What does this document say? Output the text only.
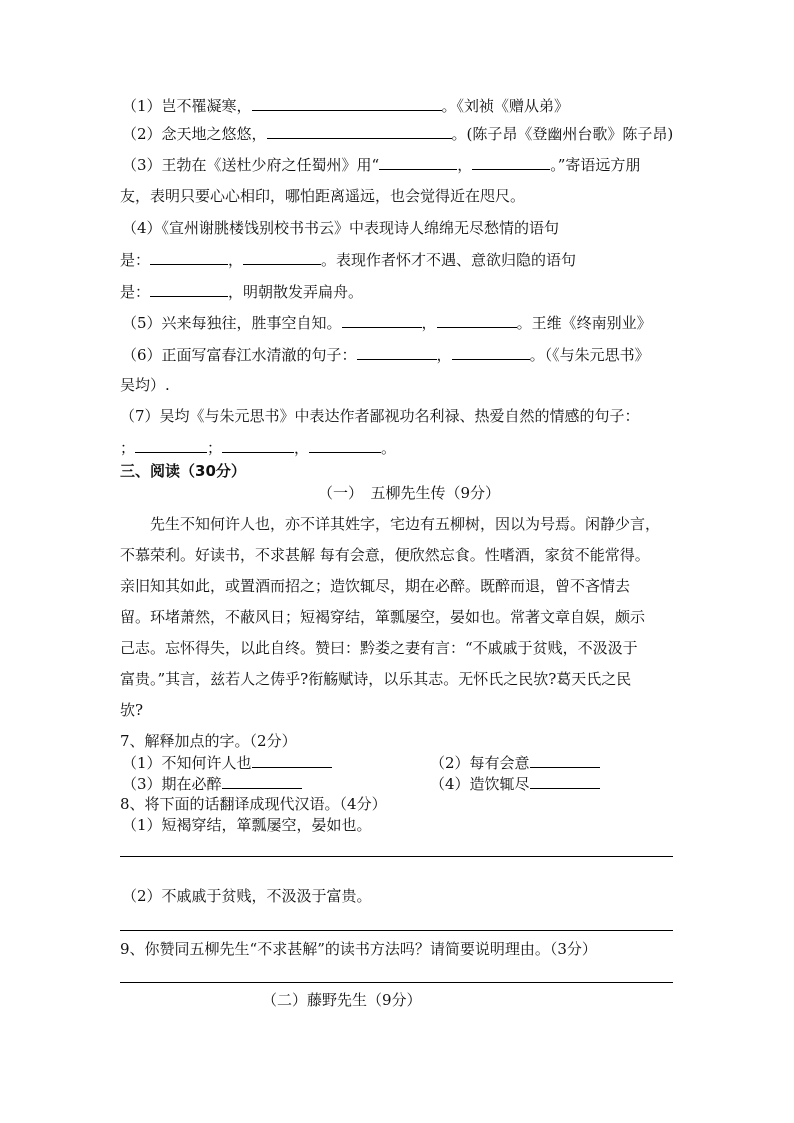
（1）岂不罹凝寒，	。《刘祯《赠从弟》
（2）念天地之悠悠，	。(陈子昂《登幽州台歌》陈子昂)
（3）王勃在《送杜少府之任蜀州》用“	，	。”寄语远方朋
友，表明只要心心相印，哪怕距离遥远，也会觉得近在咫尺。
（4）《宣州谢朓楼饯别校书书云》中表现诗人绵绵无尽愁情的语句
是：	，	。表现作者怀才不遇、意欲归隐的语句
是：	，明朝散发弄扁舟。
（5）兴来每独往，胜事空自知。	，	。王维《终南别业》
（6）正面写富春江水清澈的句子：	，	。（《与朱元思书》
吴均）.
（7）吴均《与朱元思书》中表达作者鄙视功名利禄、热爱自然的情感的句子：
；	；	，	。
三、阅读（30分）
（一）　五柳先生传（9分）
先生不知何许人也，亦不详其姓字，宅边有五柳树，因以为号焉。闲静少言，
不慕荣利。好读书，不求甚解 每有会意，便欣然忘食。性嗜酒，家贫不能常得。
亲旧知其如此，或置酒而招之；造饮辄尽，期在必醉。既醉而退，曾不吝情去
留。环堵萧然，不蔽风日；短褐穿结，箪瓢屡空，晏如也。常著文章自娱，颇示
己志。忘怀得失，以此自终。赞曰：黔娄之妻有言：“不戚戚于贫贱，不汲汲于
富贵。”其言，兹若人之俦乎?衔觞赋诗，以乐其志。无怀氏之民欤?葛天氏之民
欤?
7、解释加点的字。（2分）
（1）不知何许人也	（2）每有会意
（3）期在必醉	（4）造饮辄尽
8、将下面的话翻译成现代汉语。（4分）
（1）短褐穿结，箪瓢屡空，晏如也。
（2）不戚戚于贫贱，不汲汲于富贵。
9、你赞同五柳先生“不求甚解”的读书方法吗？请简要说明理由。（3分）
（二）藤野先生（9分）
